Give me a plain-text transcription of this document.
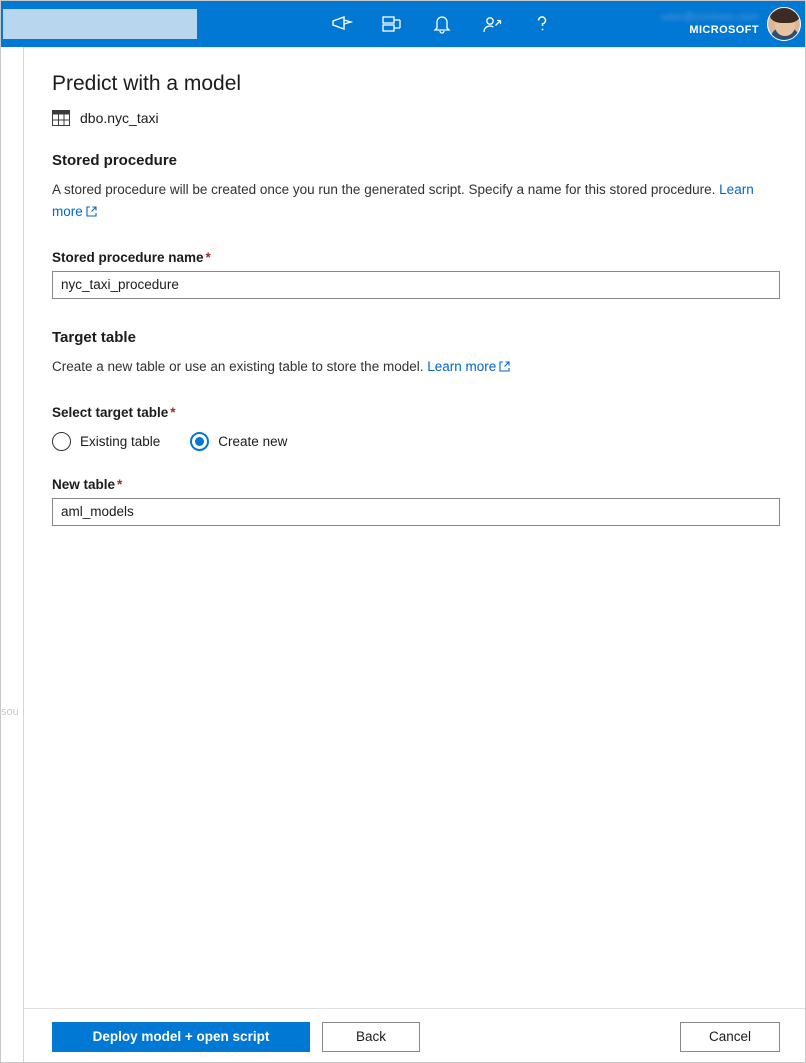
user@contoso.com
MICROSOFT
sou
Predict with a model
dbo.nyc_taxi
Stored procedure

A stored procedure will be created once you run the generated script. Specify a name for this stored procedure. Learn more

Stored procedure name *
nyc_taxi_procedure
Target table

Create a new table or use an existing table to store the model. Learn more

Select target table *
Existing table	Create new
New table *
aml_models
Deploy model + open script	Back	Cancel
